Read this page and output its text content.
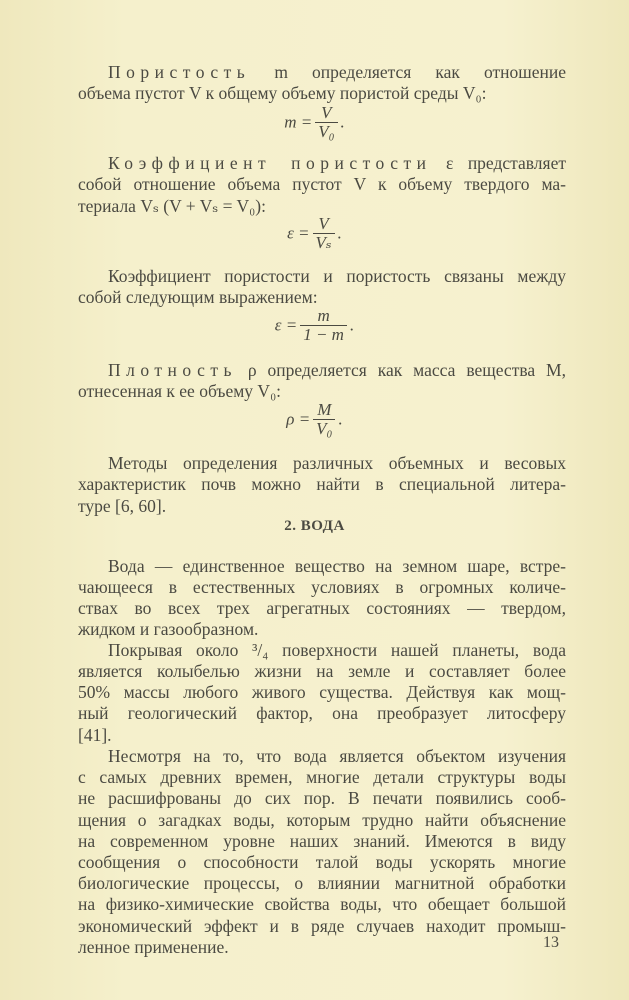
Пористость m определяется как отношение
объема пустот V к общему объему пористой среды V₀:
Коэффициент пористости ε представляет
собой отношение объема пустот V к объему твердого ма-
териала Vₛ (V + Vₛ = V₀):
Коэффициент пористости и пористость связаны между
собой следующим выражением:
Плотность ρ определяется как масса вещества M,
отнесенная к ее объему V₀:
Методы определения различных объемных и весовых
характеристик почв можно найти в специальной литера-
туре [6, 60].
Вода — единственное вещество на земном шаре, встре-
чающееся в естественных условиях в огромных количе-
ствах во всех трех агрегатных состояниях — твердом,
жидком и газообразном.
Покрывая около ³/₄ поверхности нашей планеты, вода
является колыбелью жизни на земле и составляет более
50% массы любого живого существа. Действуя как мощ-
ный геологический фактор, она преобразует литосферу
[41].
Несмотря на то, что вода является объектом изучения
с самых древних времен, многие детали структуры воды
не расшифрованы до сих пор. В печати появились сооб-
щения о загадках воды, которым трудно найти объяснение
на современном уровне наших знаний. Имеются в виду
сообщения о способности талой воды ускорять многие
биологические процессы, о влиянии магнитной обработки
на физико-химические свойства воды, что обещает большой
экономический эффект и в ряде случаев находит промыш-
ленное применение.
$m = \frac{V}{\text{V₀}}$ .
$\varepsilon = \frac{V}{\text{Vₛ}}$ .
$\varepsilon = \frac{m}{1 - m}$ .
$\rho = \frac{M}{\text{V₀}}$ .
2. ВОДА
13
